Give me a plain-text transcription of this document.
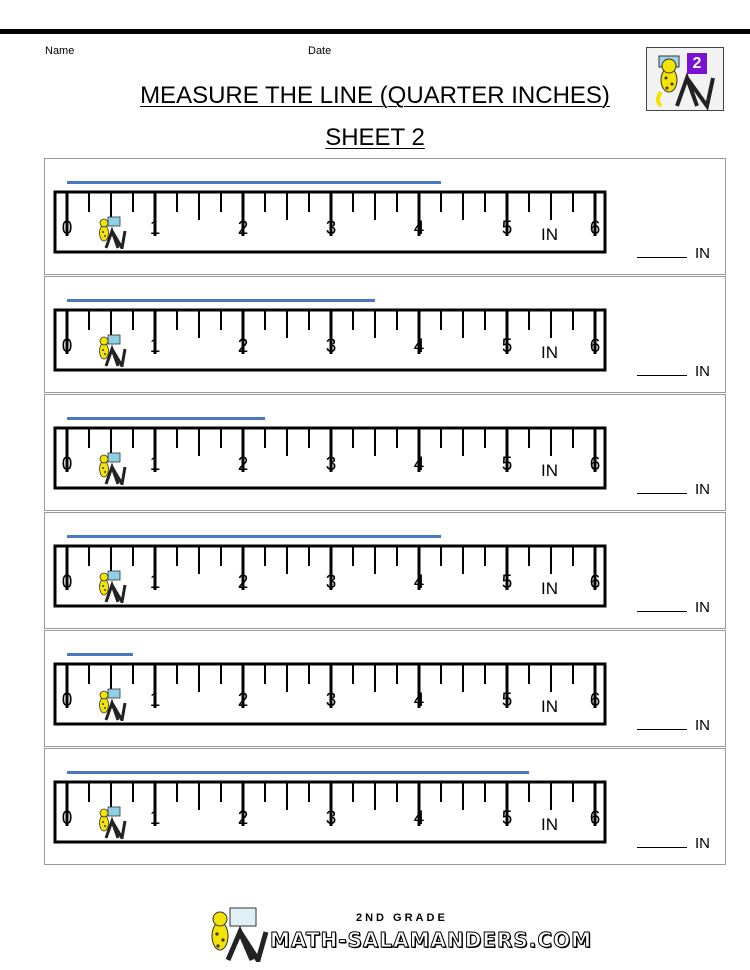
Name	Date
MEASURE THE LINE (QUARTER INCHES)
SHEET 2
2
0	1	2	3	4	5	6
IN
IN
0	1	2	3	4	5	6
IN
IN
0	1	2	3	4	5	6
IN
IN
0	1	2	3	4	5	6
IN
IN
0	1	2	3	4	5	6
IN
IN
0	1	2	3	4	5	6
IN
IN
2ND GRADE
MATH-SALAMANDERS.COM
